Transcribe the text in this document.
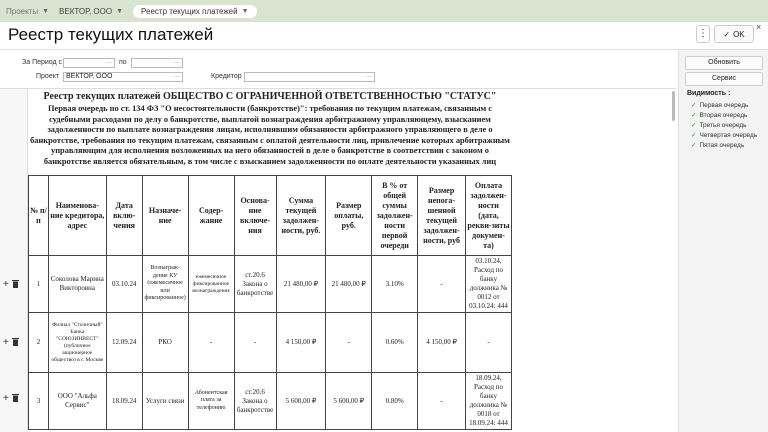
Проекты ▼ ВЕКТОР, ООО ▼ Реестр текущих платежей ▼
Реестр текущих платежей	⋮ ✓ OK
×
За Период с	··· по	···
Проект ВЕКТОР, ООО	···	Кредитор	···
+
+
+
Реестр текущих платежей ОБЩЕСТВО С ОГРАНИЧЕННОЙ ОТВЕТСТВЕННОСТЬЮ "СТАТУС"
Первая очередь по ст. 134 ФЗ "О несостоятельности (банкротстве)": требования по текущим платежам, связанным с судебными расходами по делу о банкротстве, выплатой вознаграждения арбитражному управляющему, взысканием задолженности по выплате вознаграждения лицам, исполнявшим обязанности арбитражного управляющего в деле о банкротстве, требования по текущим платежам, связанным с оплатой деятельности лиц, привлечение которых арбитражным управляющим для исполнения возложенных на него обязанностей в деле о банкротстве в соответствии с законом о банкротстве является обязательным, в том числе с взысканием задолженности по оплате деятельности указанных лиц
№ п/п	Наименова-ние кредитора, адрес	Дата вклю-чения	Назначе-ние	Содер-жание	Основа-ние включе-ния	Сумма текущей задолжен-ности, руб.	Размер оплаты, руб.	В % от общей суммы задолжен-ности первой очереди	Размер непога-шенной текущей задолжен-ности, руб	Оплата задолжен-ности (дата, рекви-зиты докумен-та)
1	Соколова Марина Викторовна	03.10.24	Вознаграж-дение КУ (ежемесячное или фиксированное)	ежемесячное фиксированное вознаграждение	ст.20.6 Закона о банкротстве	21 480,00 ₽	21 480,00 ₽	3.10%	-	03.10.24, Расход по банку должника № 0012 от 03.10.24: 444
2	Филиал "Столичный" Банка "СОЮЗИНВЕСТ" (публичное акционерное общество) в г. Москве	12.09.24	РКО	-	-	4 150,00 ₽	-	0.60%	4 150,00 ₽	-
3	ООО "Альфа Сервис"	18.09.24	Услуги связи	Абонентская плата за телефонию	ст.20.6 Закона о банкротстве	5 600,00 ₽	5 600,00 ₽	0.80%	-	18.09.24, Расход по банку должника № 0018 от 18.09.24: 444
Обновить
Сервис
Видимость :
✓ Первая очередь
✓ Вторая очередь
✓ Третья очередь
✓ Четвертая очередь
✓ Пятая очередь
